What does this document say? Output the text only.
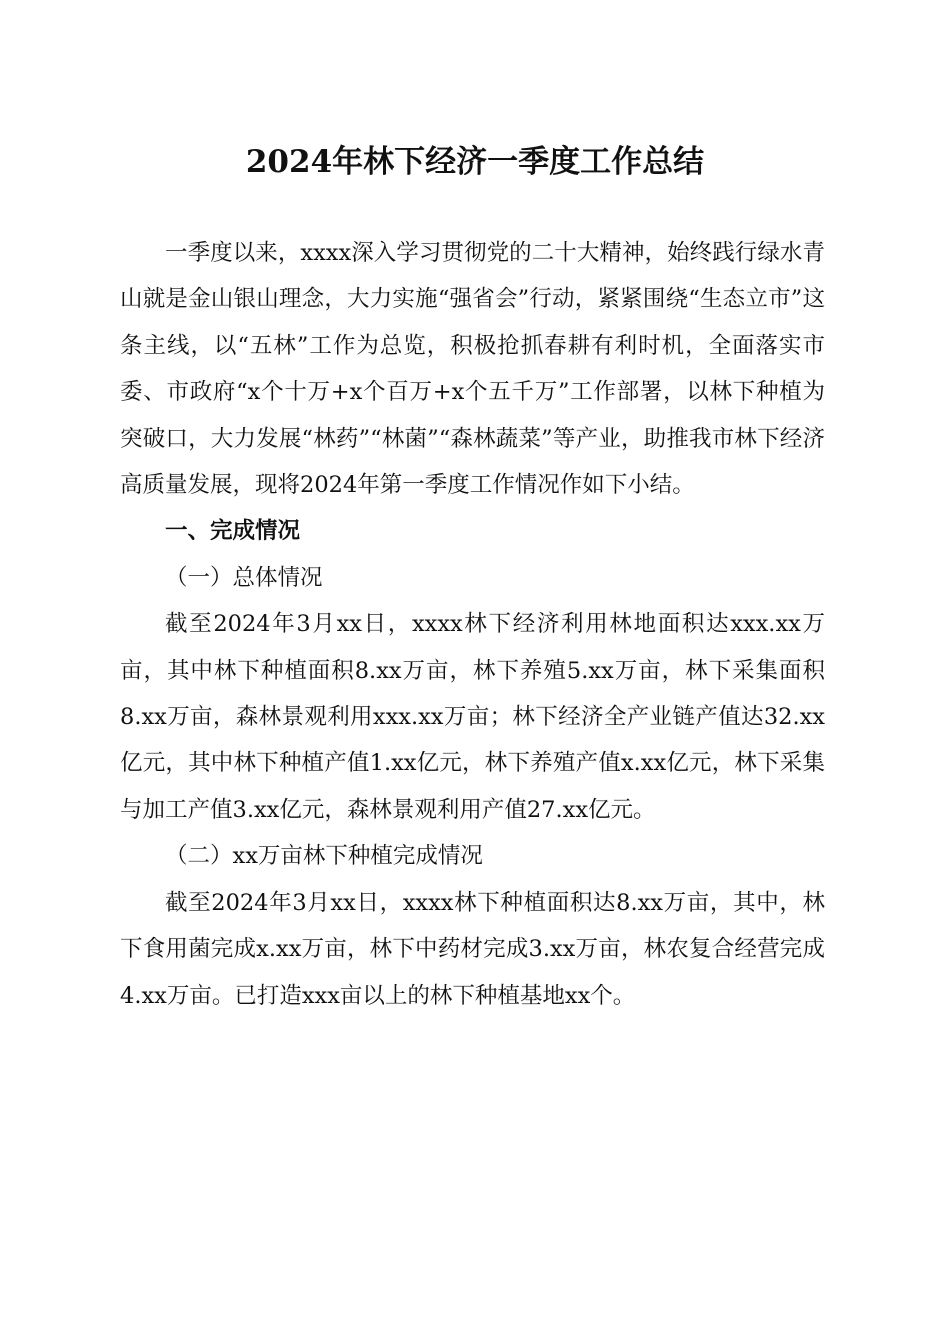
2024年林下经济一季度工作总结

一季度以来，xxxx深入学习贯彻党的二十大精神，始终践行绿水青山就是金山银山理念，大力实施“强省会”行动，紧紧围绕“生态立市”这条主线，以“五林”工作为总览，积极抢抓春耕有利时机，全面落实市委、市政府“x个十万+x个百万+x个五千万”工作部署，以林下种植为突破口，大力发展“林药”“林菌”“森林蔬菜”等产业，助推我市林下经济高质量发展，现将2024年第一季度工作情况作如下小结。

一、完成情况

（一）总体情况

截至2024年3月xx日，xxxx林下经济利用林地面积达xxx.xx万亩，其中林下种植面积8.xx万亩，林下养殖5.xx万亩，林下采集面积8.xx万亩，森林景观利用xxx.xx万亩；林下经济全产业链产值达32.xx亿元，其中林下种植产值1.xx亿元，林下养殖产值x.xx亿元，林下采集与加工产值3.xx亿元，森林景观利用产值27.xx亿元。

（二）xx万亩林下种植完成情况

截至2024年3月xx日，xxxx林下种植面积达8.xx万亩，其中，林下食用菌完成x.xx万亩，林下中药材完成3.xx万亩，林农复合经营完成4.xx万亩。已打造xxx亩以上的林下种植基地xx个。
